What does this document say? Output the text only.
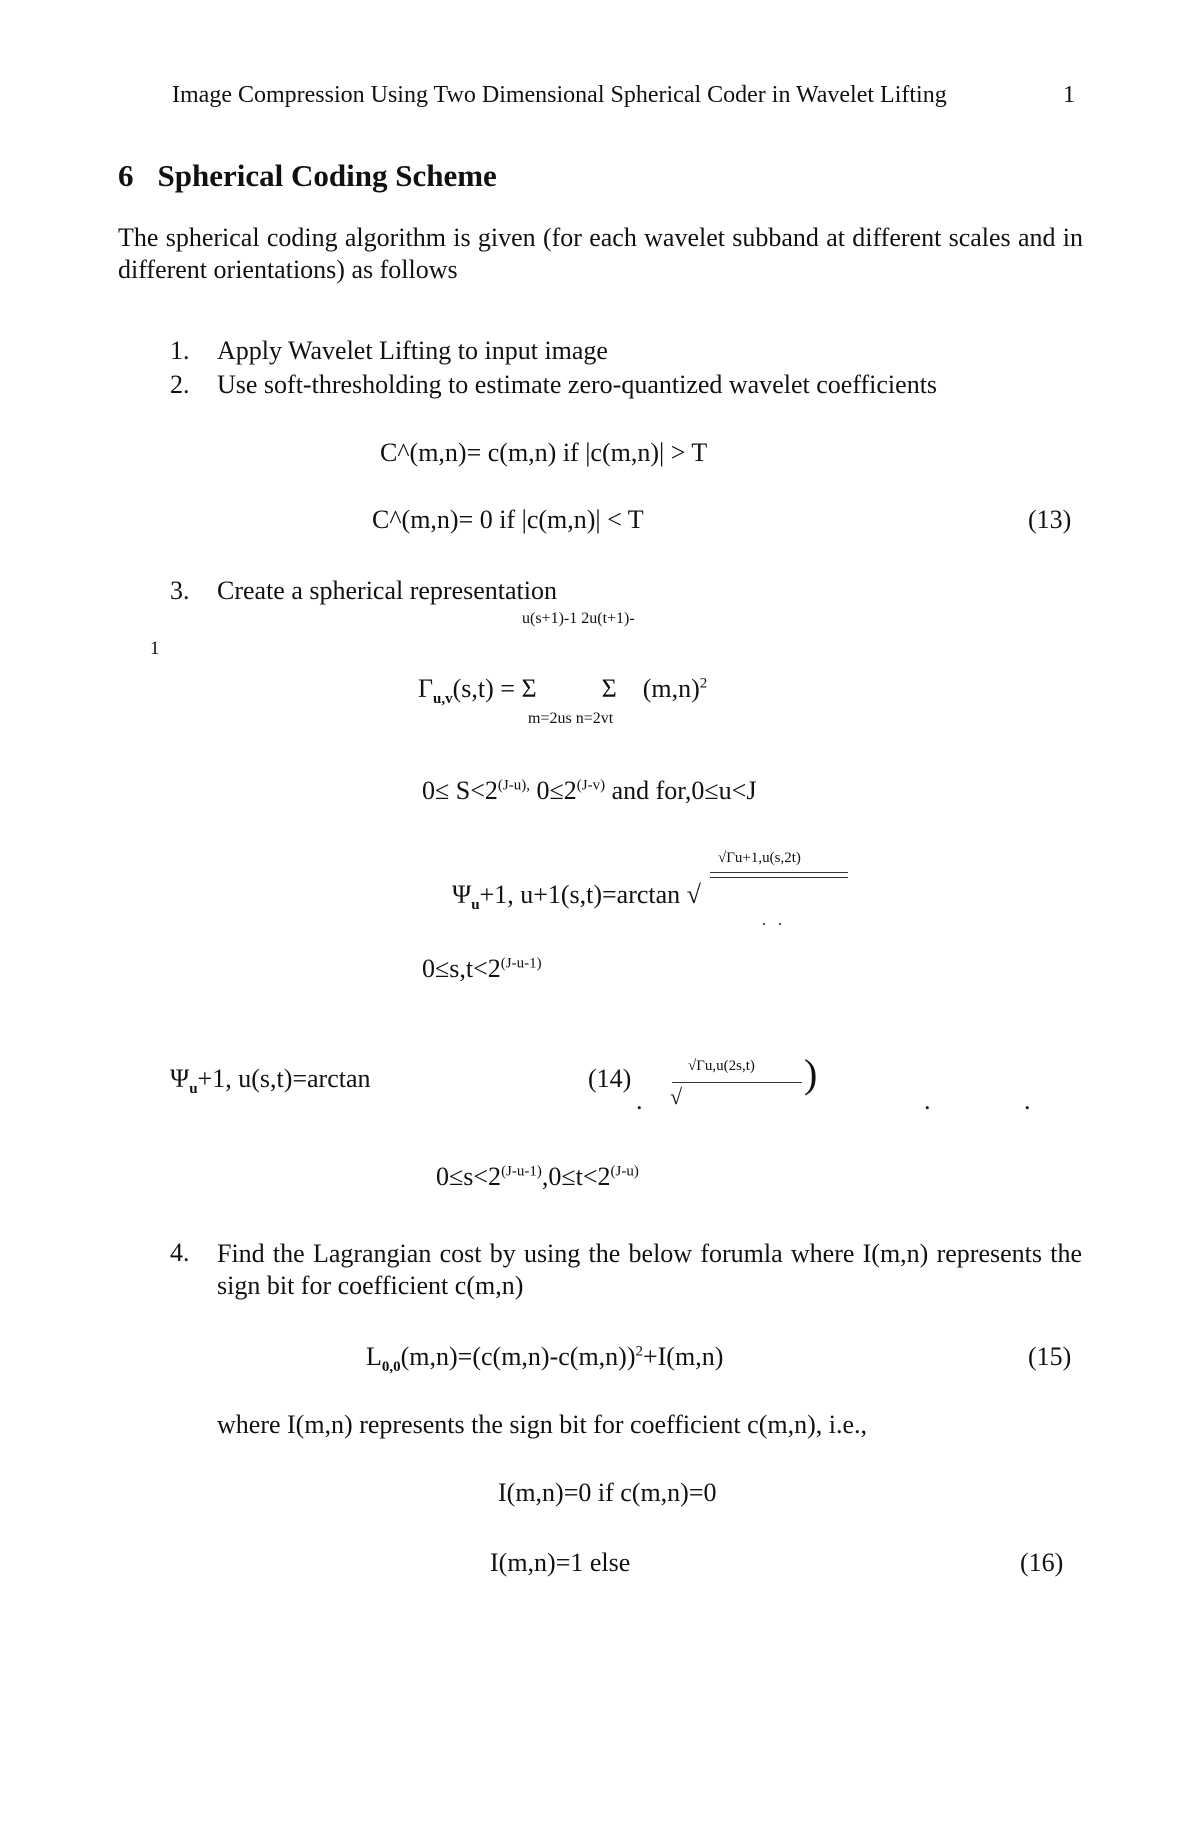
Image Compression Using Two Dimensional Spherical Coder in Wavelet Lifting	1
6 Spherical Coding Scheme
The spherical coding algorithm is given (for each wavelet subband at different scales and in different orientations) as follows
1. Apply Wavelet Lifting to input image
2. Use soft-thresholding to estimate zero-quantized wavelet coefficients
C^(m,n)= c(m,n) if |c(m,n)| > T
C^(m,n)= 0 if |c(m,n)| < T	(13)
3. Create a spherical representation
u(s+1)-1 2u(t+1)-
1
$\Gamma_{u,v}(s,t) = \Sigma$          Σ    $(m,n)^2$
m=2us n=2vt
$0\le S<2^{(J-u),}$ $0\le 2^{(J-v)}$ and for,0≤u<J
√Γu+1,u(s,2t)
$\Psi_u+1$, u+1(s,t)=arctan √
.   .
$0\le s,t<2^{(J-u-1)}$
$\Psi_u+1$, u(s,t)=arctan	(14)	√Γu,u(2s,t)
√
)
.	.	.
$0\le s<2^{(J-u-1)},0\le t<2^{(J-u)}$
4. Find the Lagrangian cost by using the below forumla where I(m,n) represents the sign bit for coefficient c(m,n)
$L_{0,0}(m,n)=(c(m,n)-c(m,n))^2+I(m,n)$	(15)
where I(m,n) represents the sign bit for coefficient c(m,n), i.e.,
I(m,n)=0 if c(m,n)=0
I(m,n)=1 else	(16)
